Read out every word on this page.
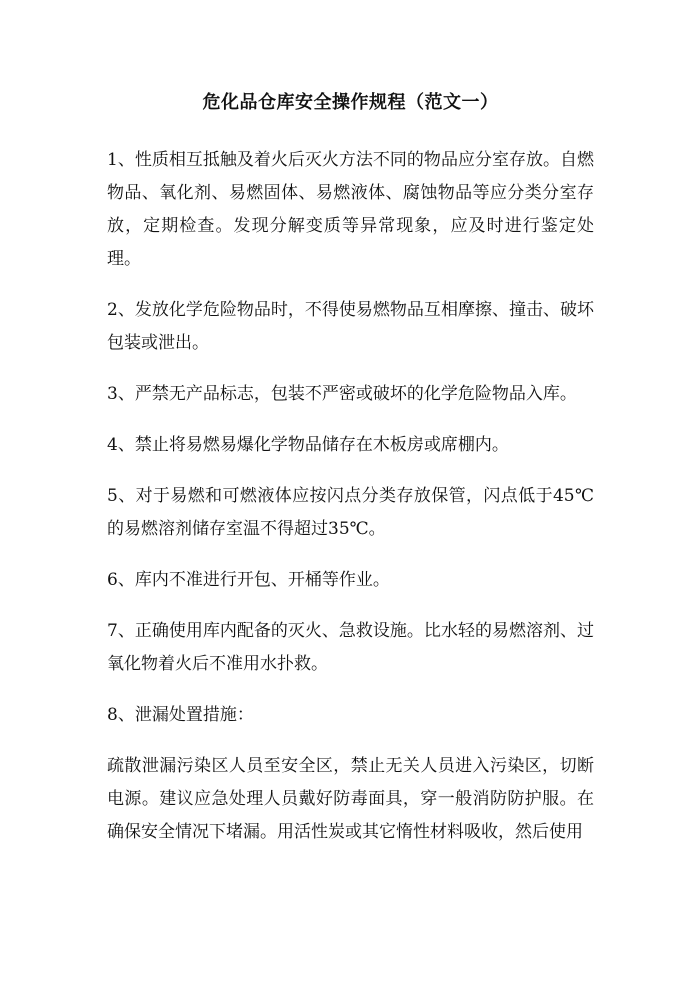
危化品仓库安全操作规程（范文一）

1、性质相互抵触及着火后灭火方法不同的物品应分室存放。自燃物品、氧化剂、易燃固体、易燃液体、腐蚀物品等应分类分室存放，定期检查。发现分解变质等异常现象，应及时进行鉴定处理。

2、发放化学危险物品时，不得使易燃物品互相摩擦、撞击、破坏包装或泄出。

3、严禁无产品标志，包装不严密或破坏的化学危险物品入库。

4、禁止将易燃易爆化学物品储存在木板房或席棚内。

5、对于易燃和可燃液体应按闪点分类存放保管，闪点低于45℃的易燃溶剂储存室温不得超过35℃。

6、库内不准进行开包、开桶等作业。

7、正确使用库内配备的灭火、急救设施。比水轻的易燃溶剂、过氧化物着火后不准用水扑救。

8、泄漏处置措施：

疏散泄漏污染区人员至安全区，禁止无关人员进入污染区，切断电源。建议应急处理人员戴好防毒面具，穿一般消防防护服。在确保安全情况下堵漏。用活性炭或其它惰性材料吸收，然后使用
